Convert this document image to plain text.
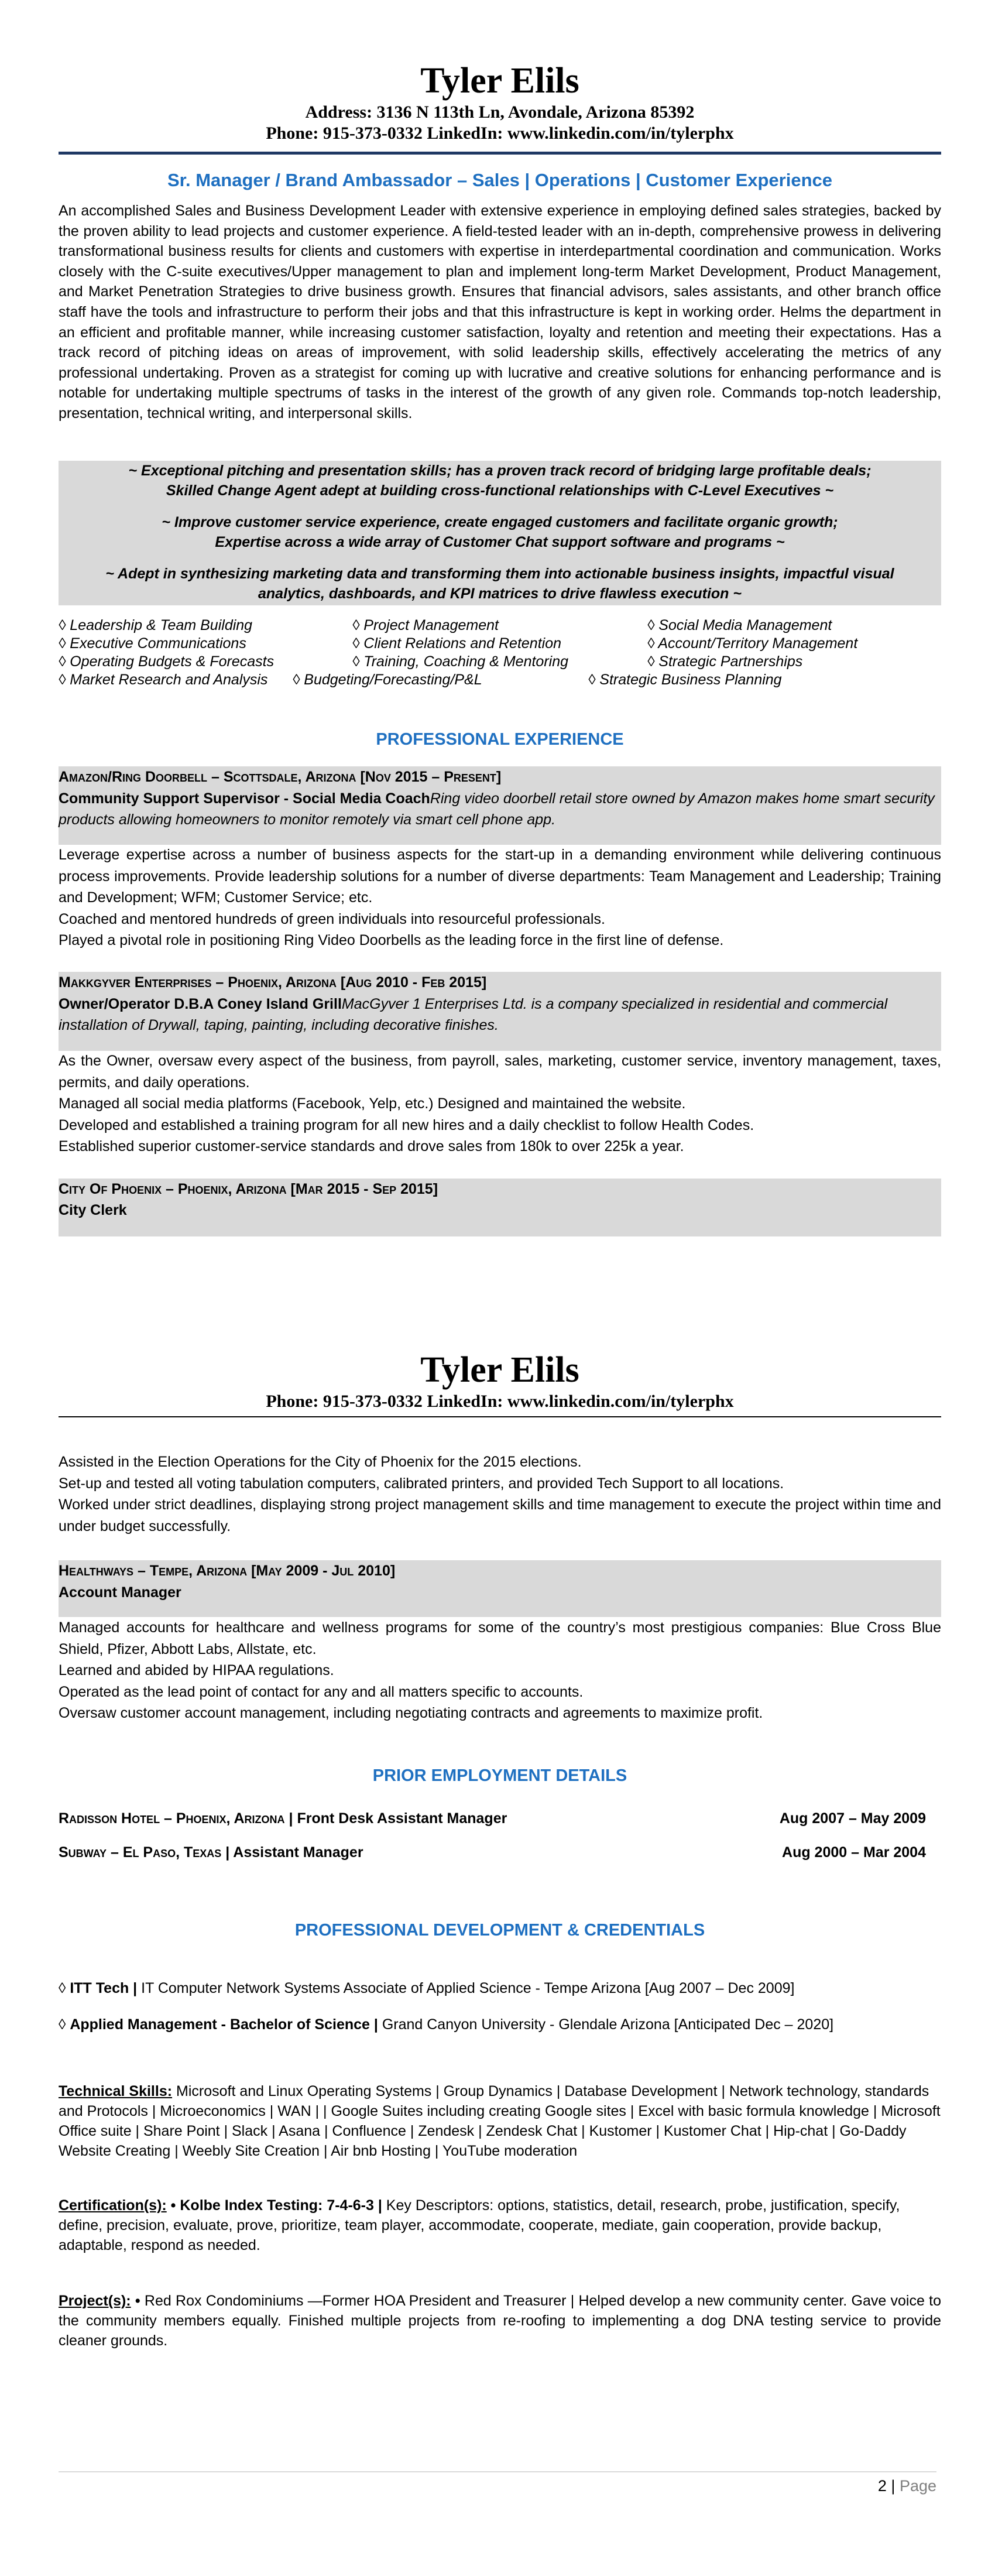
Tyler Elils
Address: 3136 N 113th Ln, Avondale, Arizona 85392
Phone: 915-373-0332 LinkedIn: www.linkedin.com/in/tylerphx
Sr. Manager / Brand Ambassador – Sales | Operations | Customer Experience
An accomplished Sales and Business Development Leader with extensive experience in employing defined sales strategies, backed by the proven ability to lead projects and customer experience. A field-tested leader with an in-depth, comprehensive prowess in delivering transformational business results for clients and customers with expertise in interdepartmental coordination and communication. Works closely with the C-suite executives/Upper management to plan and implement long-term Market Development, Product Management, and Market Penetration Strategies to drive business growth. Ensures that financial advisors, sales assistants, and other branch office staff have the tools and infrastructure to perform their jobs and that this infrastructure is kept in working order. Helms the department in an efficient and profitable manner, while increasing customer satisfaction, loyalty and retention and meeting their expectations. Has a track record of pitching ideas on areas of improvement, with solid leadership skills, effectively accelerating the metrics of any professional undertaking. Proven as a strategist for coming up with lucrative and creative solutions for enhancing performance and is notable for undertaking multiple spectrums of tasks in the interest of the growth of any given role. Commands top-notch leadership, presentation, technical writing, and interpersonal skills.
~ Exceptional pitching and presentation skills; has a proven track record of bridging large profitable deals;
Skilled Change Agent adept at building cross-functional relationships with C-Level Executives ~
~ Improve customer service experience, create engaged customers and facilitate organic growth;
Expertise across a wide array of Customer Chat support software and programs ~
~ Adept in synthesizing marketing data and transforming them into actionable business insights, impactful visual
analytics, dashboards, and KPI matrices to drive flawless execution ~
◊ Leadership & Team Building	◊ Project Management	◊ Social Media Management
◊ Executive Communications	◊ Client Relations and Retention	◊ Account/Territory Management
◊ Operating Budgets & Forecasts	◊ Training, Coaching & Mentoring	◊ Strategic Partnerships
◊ Market Research and Analysis ◊ Budgeting/Forecasting/P&L	◊ Strategic Business Planning
PROFESSIONAL EXPERIENCE
Amazon/Ring Doorbell – Scottsdale, Arizona [Nov 2015 – Present]
Community Support Supervisor - Social Media CoachRing video doorbell retail store owned by Amazon makes home smart security products allowing homeowners to monitor remotely via smart cell phone app.
Leverage expertise across a number of business aspects for the start-up in a demanding environment while delivering continuous process improvements. Provide leadership solutions for a number of diverse departments: Team Management and Leadership; Training and Development; WFM; Customer Service; etc.
Coached and mentored hundreds of green individuals into resourceful professionals.
Played a pivotal role in positioning Ring Video Doorbells as the leading force in the first line of defense.
Makkgyver Enterprises – Phoenix, Arizona [Aug 2010 - Feb 2015]
Owner/Operator D.B.A Coney Island GrillMacGyver 1 Enterprises Ltd. is a company specialized in residential and commercial installation of Drywall, taping, painting, including decorative finishes.
As the Owner, oversaw every aspect of the business, from payroll, sales, marketing, customer service, inventory management, taxes, permits, and daily operations.
Managed all social media platforms (Facebook, Yelp, etc.) Designed and maintained the website.
Developed and established a training program for all new hires and a daily checklist to follow Health Codes.
Established superior customer-service standards and drove sales from 180k to over 225k a year.
City Of Phoenix – Phoenix, Arizona [Mar 2015 - Sep 2015]
City Clerk
Tyler Elils
Phone: 915-373-0332 LinkedIn: www.linkedin.com/in/tylerphx
Assisted in the Election Operations for the City of Phoenix for the 2015 elections.
Set-up and tested all voting tabulation computers, calibrated printers, and provided Tech Support to all locations.
Worked under strict deadlines, displaying strong project management skills and time management to execute the project within time and under budget successfully.
Healthways – Tempe, Arizona [May 2009 - Jul 2010]
Account Manager
Managed accounts for healthcare and wellness programs for some of the country’s most prestigious companies: Blue Cross Blue Shield, Pfizer, Abbott Labs, Allstate, etc.
Learned and abided by HIPAA regulations.
Operated as the lead point of contact for any and all matters specific to accounts.
Oversaw customer account management, including negotiating contracts and agreements to maximize profit.
PRIOR EMPLOYMENT DETAILS
Radisson Hotel – Phoenix, Arizona | Front Desk Assistant Manager	Aug 2007 – May 2009
Subway – El Paso, Texas | Assistant Manager	Aug 2000 – Mar 2004
PROFESSIONAL DEVELOPMENT & CREDENTIALS
◊ ITT Tech | IT Computer Network Systems Associate of Applied Science - Tempe Arizona [Aug 2007 – Dec 2009]
◊ Applied Management - Bachelor of Science | Grand Canyon University - Glendale Arizona [Anticipated Dec – 2020]
Technical Skills: Microsoft and Linux Operating Systems | Group Dynamics | Database Development | Network technology, standards and Protocols | Microeconomics | WAN | | Google Suites including creating Google sites | Excel with basic formula knowledge | Microsoft Office suite | Share Point | Slack | Asana | Confluence | Zendesk | Zendesk Chat | Kustomer | Kustomer Chat | Hip-chat | Go-Daddy Website Creating | Weebly Site Creation | Air bnb Hosting | YouTube moderation
Certification(s): • Kolbe Index Testing: 7-4-6-3 | Key Descriptors: options, statistics, detail, research, probe, justification, specify, define, precision, evaluate, prove, prioritize, team player, accommodate, cooperate, mediate, gain cooperation, provide backup, adaptable, respond as needed.
Project(s): • Red Rox Condominiums —Former HOA President and Treasurer | Helped develop a new community center. Gave voice to the community members equally. Finished multiple projects from re-roofing to implementing a dog DNA testing service to provide cleaner grounds.
2 | Page
